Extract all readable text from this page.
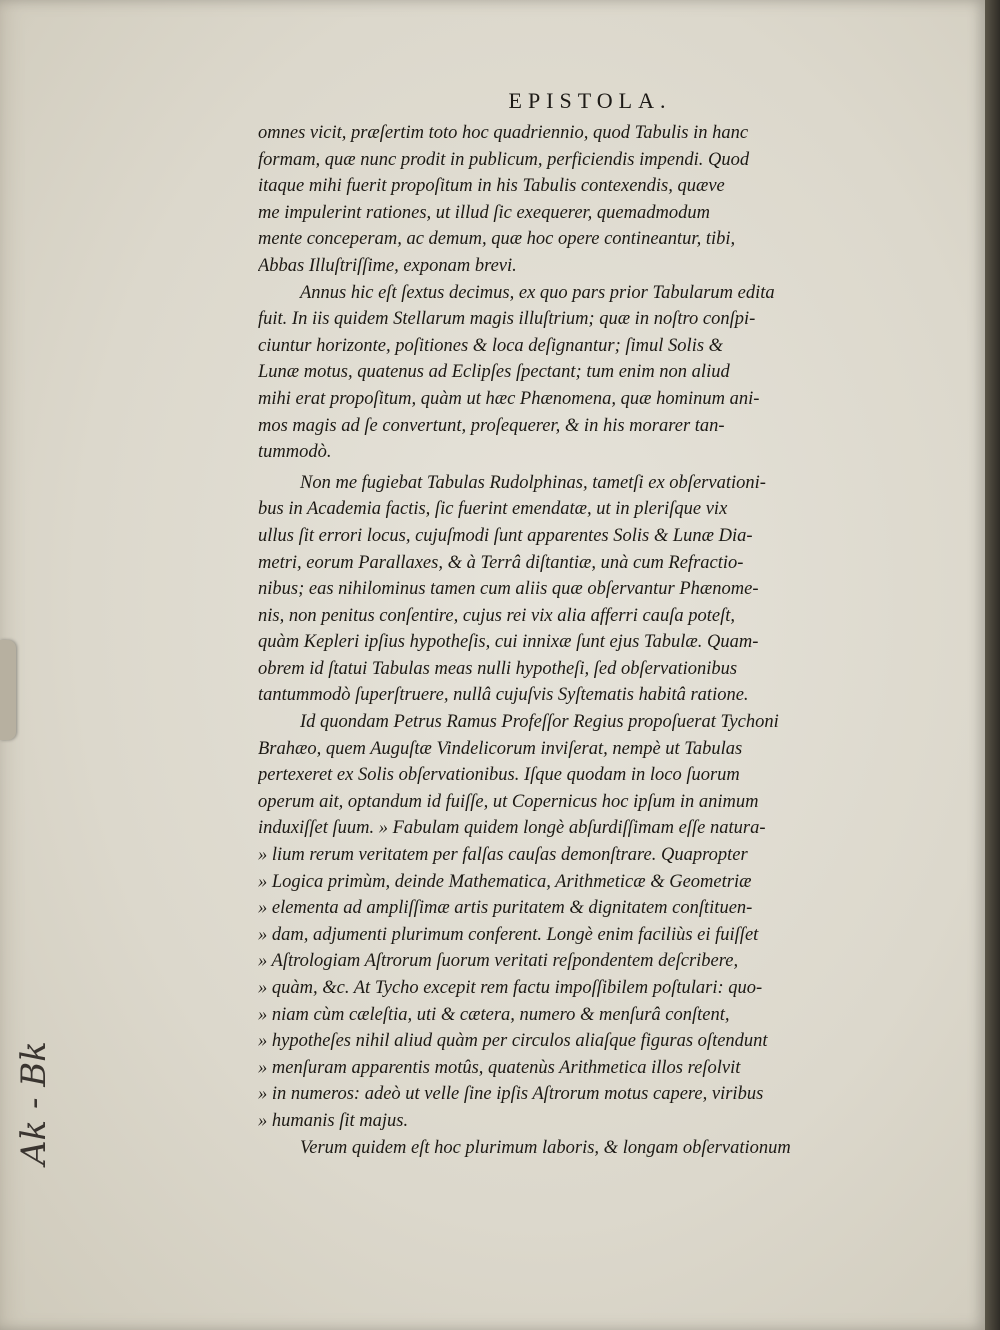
EPISTOLA.
omnes vicit, præſertim toto hoc quadriennio, quod Tabulis in hanc
formam, quæ nunc prodit in publicum, perficiendis impendi. Quod
itaque mihi fuerit propoſitum in his Tabulis contexendis, quæve
me impulerint rationes, ut illud ſic exequerer, quemadmodum
mente conceperam, ac demum, quæ hoc opere contineantur, tibi,
Abbas Illuſtriſſime, exponam brevi.
Annus hic eſt ſextus decimus, ex quo pars prior Tabularum edita
fuit. In iis quidem Stellarum magis illuſtrium; quæ in noſtro conſpi-
ciuntur horizonte, poſitiones & loca deſignantur; ſimul Solis &
Lunæ motus, quatenus ad Eclipſes ſpectant; tum enim non aliud
mihi erat propoſitum, quàm ut hæc Phænomena, quæ hominum ani-
mos magis ad ſe convertunt, proſequerer, & in his morarer tan-
tummodò.
Non me fugiebat Tabulas Rudolphinas, tametſi ex obſervationi-
bus in Academia factis, ſic fuerint emendatæ, ut in pleriſque vix
ullus ſit errori locus, cujuſmodi ſunt apparentes Solis & Lunæ Dia-
metri, eorum Parallaxes, & à Terrâ diſtantiæ, unà cum Refractio-
nibus; eas nihilominus tamen cum aliis quæ obſervantur Phænome-
nis, non penitus conſentire, cujus rei vix alia afferri cauſa poteſt,
quàm Kepleri ipſius hypotheſis, cui innixæ ſunt ejus Tabulæ. Quam-
obrem id ſtatui Tabulas meas nulli hypotheſi, ſed obſervationibus
tantummodò ſuperſtruere, nullâ cujuſvis Syſtematis habitâ ratione.
Id quondam Petrus Ramus Profeſſor Regius propoſuerat Tychoni
Brahæo, quem Auguſtæ Vindelicorum inviſerat, nempè ut Tabulas
pertexeret ex Solis obſervationibus. Iſque quodam in loco ſuorum
operum ait, optandum id fuiſſe, ut Copernicus hoc ipſum in animum
induxiſſet ſuum. » Fabulam quidem longè abſurdiſſimam eſſe natura-
» lium rerum veritatem per falſas cauſas demonſtrare. Quapropter
» Logica primùm, deinde Mathematica, Arithmeticæ & Geometriæ
» elementa ad ampliſſimæ artis puritatem & dignitatem conſtituen-
» dam, adjumenti plurimum conferent. Longè enim faciliùs ei fuiſſet
» Aſtrologiam Aſtrorum ſuorum veritati reſpondentem deſcribere,
» quàm, &c. At Tycho excepit rem factu impoſſibilem poſtulari: quo-
» niam cùm cæleſtia, uti & cætera, numero & menſurâ conſtent,
» hypotheſes nihil aliud quàm per circulos aliaſque figuras oſtendunt
» menſuram apparentis motûs, quatenùs Arithmetica illos reſolvit
» in numeros: adeò ut velle ſine ipſis Aſtrorum motus capere, viribus
» humanis ſit majus.
Verum quidem eſt hoc plurimum laboris, & longam obſervationum
Ak - Bk
